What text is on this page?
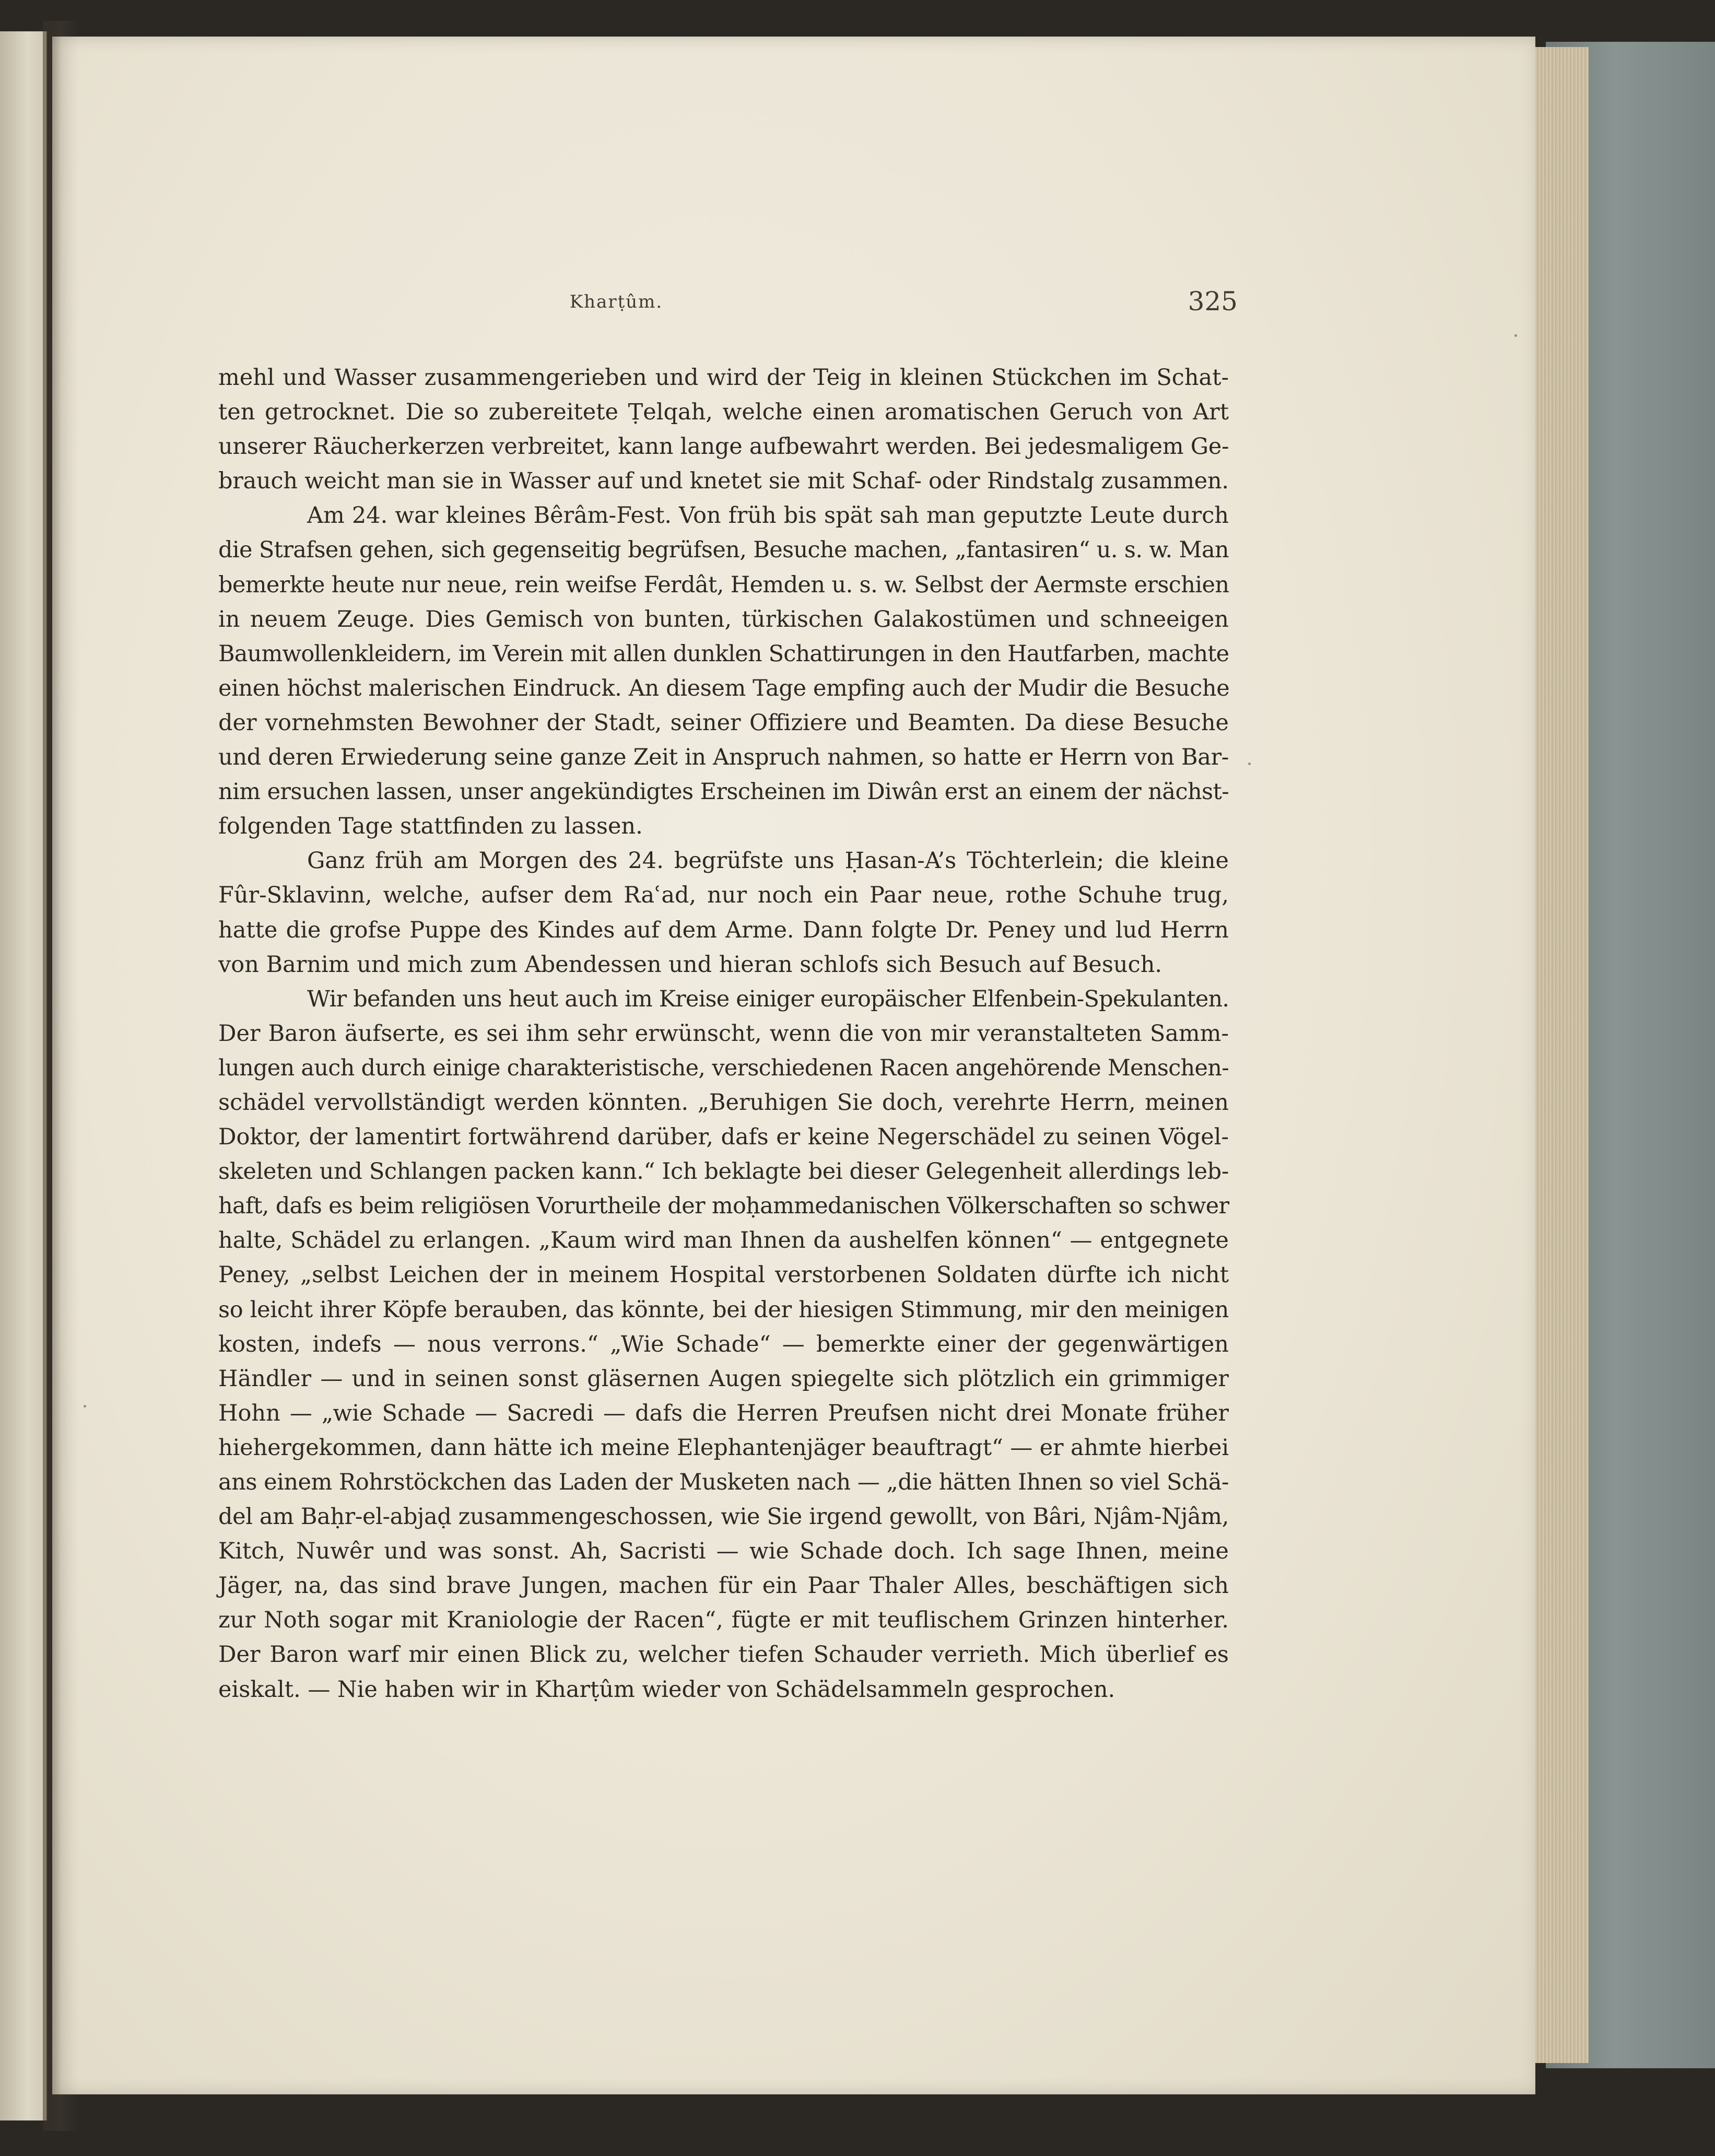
Kharṭûm.	325
mehl und Wasser zusammengerieben und wird der Teig in kleinen Stückchen im Schat-
ten getrocknet. Die so zubereitete Ṭelqah, welche einen aromatischen Geruch von Art
unserer Räucherkerzen verbreitet, kann lange aufbewahrt werden. Bei jedesmaligem Ge-
brauch weicht man sie in Wasser auf und knetet sie mit Schaf- oder Rindstalg zusammen.
Am 24. war kleines Bêrâm-Fest. Von früh bis spät sah man geputzte Leute durch
die Strafsen gehen, sich gegenseitig begrüfsen, Besuche machen, „fantasiren“ u. s. w. Man
bemerkte heute nur neue, rein weifse Ferdât, Hemden u. s. w. Selbst der Aermste erschien
in neuem Zeuge. Dies Gemisch von bunten, türkischen Galakostümen und schneeigen
Baumwollenkleidern, im Verein mit allen dunklen Schattirungen in den Hautfarben, machte
einen höchst malerischen Eindruck. An diesem Tage empfing auch der Mudir die Besuche
der vornehmsten Bewohner der Stadt, seiner Offiziere und Beamten. Da diese Besuche
und deren Erwiederung seine ganze Zeit in Anspruch nahmen, so hatte er Herrn von Bar-
nim ersuchen lassen, unser angekündigtes Erscheinen im Diwân erst an einem der nächst-
folgenden Tage stattfinden zu lassen.
Ganz früh am Morgen des 24. begrüfste uns Ḥasan-A’s Töchterlein; die kleine
Fûr-Sklavinn, welche, aufser dem Raʿad, nur noch ein Paar neue, rothe Schuhe trug,
hatte die grofse Puppe des Kindes auf dem Arme. Dann folgte Dr. Peney und lud Herrn
von Barnim und mich zum Abendessen und hieran schlofs sich Besuch auf Besuch.
Wir befanden uns heut auch im Kreise einiger europäischer Elfenbein-Spekulanten.
Der Baron äufserte, es sei ihm sehr erwünscht, wenn die von mir veranstalteten Samm-
lungen auch durch einige charakteristische, verschiedenen Racen angehörende Menschen-
schädel vervollständigt werden könnten. „Beruhigen Sie doch, verehrte Herrn, meinen
Doktor, der lamentirt fortwährend darüber, dafs er keine Negerschädel zu seinen Vögel-
skeleten und Schlangen packen kann.“ Ich beklagte bei dieser Gelegenheit allerdings leb-
haft, dafs es beim religiösen Vorurtheile der moḥammedanischen Völkerschaften so schwer
halte, Schädel zu erlangen. „Kaum wird man Ihnen da aushelfen können“ — entgegnete
Peney, „selbst Leichen der in meinem Hospital verstorbenen Soldaten dürfte ich nicht
so leicht ihrer Köpfe berauben, das könnte, bei der hiesigen Stimmung, mir den meinigen
kosten, indefs — nous verrons.“ „Wie Schade“ — bemerkte einer der gegenwärtigen
Händler — und in seinen sonst gläsernen Augen spiegelte sich plötzlich ein grimmiger
Hohn — „wie Schade — Sacredi — dafs die Herren Preufsen nicht drei Monate früher
hiehergekommen, dann hätte ich meine Elephantenjäger beauftragt“ — er ahmte hierbei
ans einem Rohrstöckchen das Laden der Musketen nach — „die hätten Ihnen so viel Schä-
del am Baḥr-el-abjaḍ zusammengeschossen, wie Sie irgend gewollt, von Bâri, Njâm-Njâm,
Kitch, Nuwêr und was sonst. Ah, Sacristi — wie Schade doch. Ich sage Ihnen, meine
Jäger, na, das sind brave Jungen, machen für ein Paar Thaler Alles, beschäftigen sich
zur Noth sogar mit Kraniologie der Racen“, fügte er mit teuflischem Grinzen hinterher.
Der Baron warf mir einen Blick zu, welcher tiefen Schauder verrieth. Mich überlief es
eiskalt. — Nie haben wir in Kharṭûm wieder von Schädelsammeln gesprochen.
